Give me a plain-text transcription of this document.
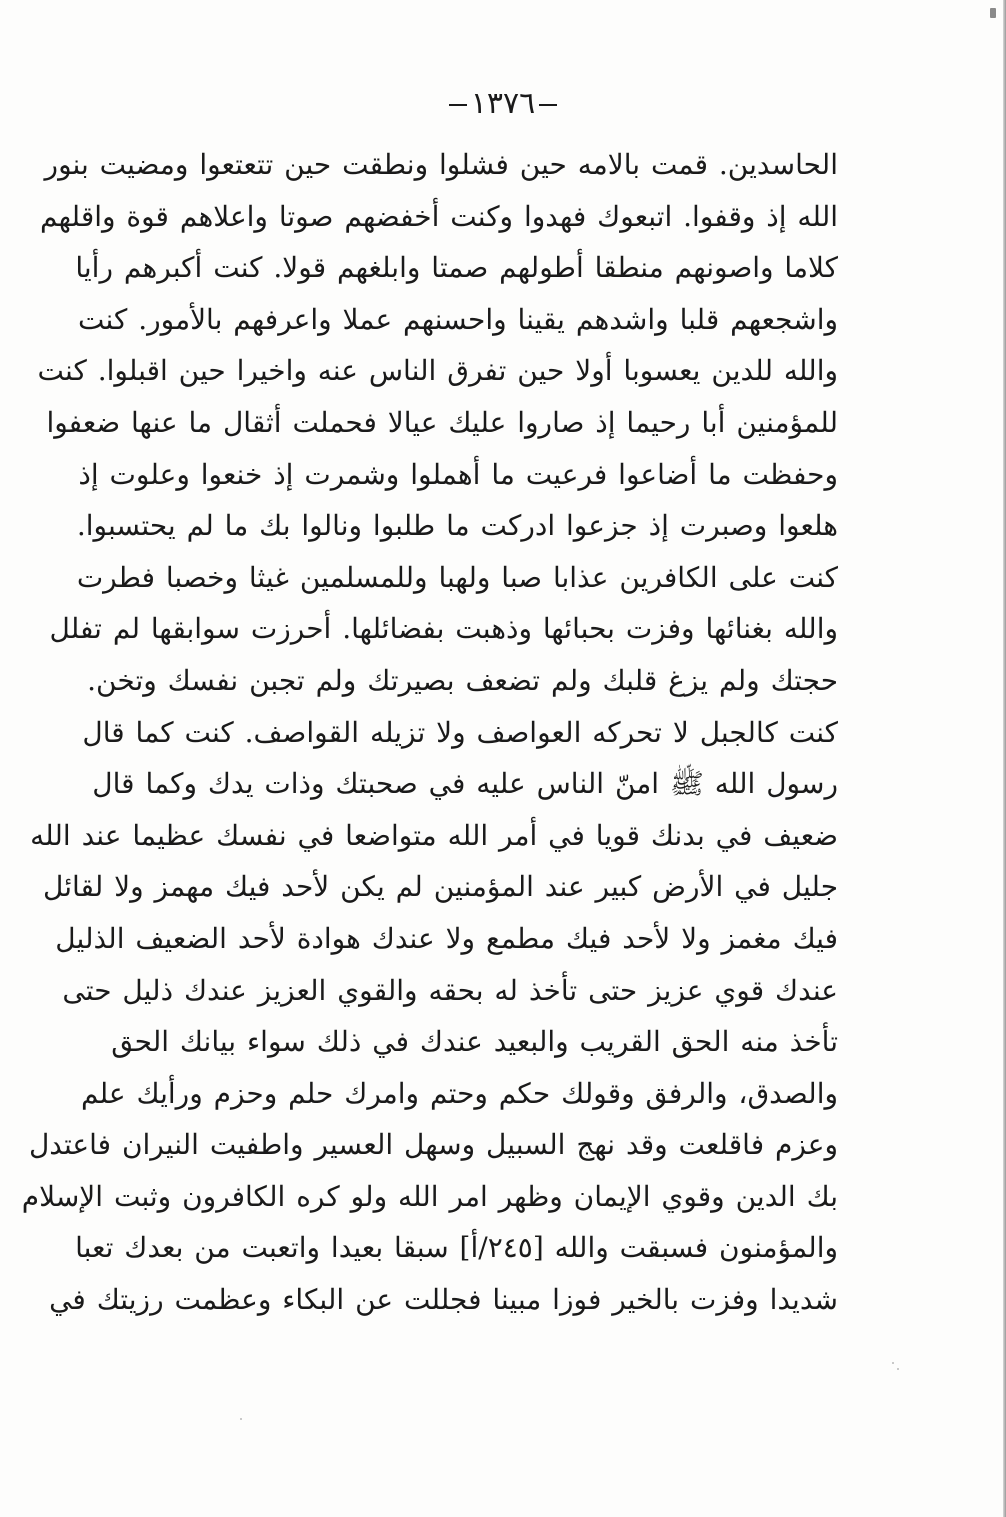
١٣٧٦
الحاسدين. قمت بالامه حين فشلوا ونطقت حين تتعتعوا ومضيت بنور
الله إذ وقفوا. اتبعوك فهدوا وكنت أخفضهم صوتا واعلاهم قوة واقلهم
كلاما واصونهم منطقا أطولهم صمتا وابلغهم قولا. كنت أكبرهم رأيا
واشجعهم قلبا واشدهم يقينا واحسنهم عملا واعرفهم بالأمور. كنت
والله للدين يعسوبا أولا حين تفرق الناس عنه واخيرا حين اقبلوا. كنت
للمؤمنين أبا رحيما إذ صاروا عليك عيالا فحملت أثقال ما عنها ضعفوا
وحفظت ما أضاعوا فرعيت ما أهملوا وشمرت إذ خنعوا وعلوت إذ
هلعوا وصبرت إذ جزعوا ادركت ما طلبوا ونالوا بك ما لم يحتسبوا.
كنت على الكافرين عذابا صبا ولهبا وللمسلمين غيثا وخصبا فطرت
والله بغنائها وفزت بحبائها وذهبت بفضائلها. أحرزت سوابقها لم تفلل
حجتك ولم يزغ قلبك ولم تضعف بصيرتك ولم تجبن نفسك وتخن.
كنت كالجبل لا تحركه العواصف ولا تزيله القواصف. كنت كما قال
رسول الله ﷺ امنّ الناس عليه في صحبتك وذات يدك وكما قال
ضعيف في بدنك قويا في أمر الله متواضعا في نفسك عظيما عند الله
جليل في الأرض كبير عند المؤمنين لم يكن لأحد فيك مهمز ولا لقائل
فيك مغمز ولا لأحد فيك مطمع ولا عندك هوادة لأحد الضعيف الذليل
عندك قوي عزيز حتى تأخذ له بحقه والقوي العزيز عندك ذليل حتى
تأخذ منه الحق القريب والبعيد عندك في ذلك سواء بيانك الحق
والصدق، والرفق وقولك حكم وحتم وامرك حلم وحزم ورأيك علم
وعزم فاقلعت وقد نهج السبيل وسهل العسير واطفيت النيران فاعتدل
بك الدين وقوي الإيمان وظهر امر الله ولو كره الكافرون وثبت الإسلام
والمؤمنون فسبقت والله [٢٤٥/أ] سبقا بعيدا واتعبت من بعدك تعبا
شديدا وفزت بالخير فوزا مبينا فجللت عن البكاء وعظمت رزيتك في
